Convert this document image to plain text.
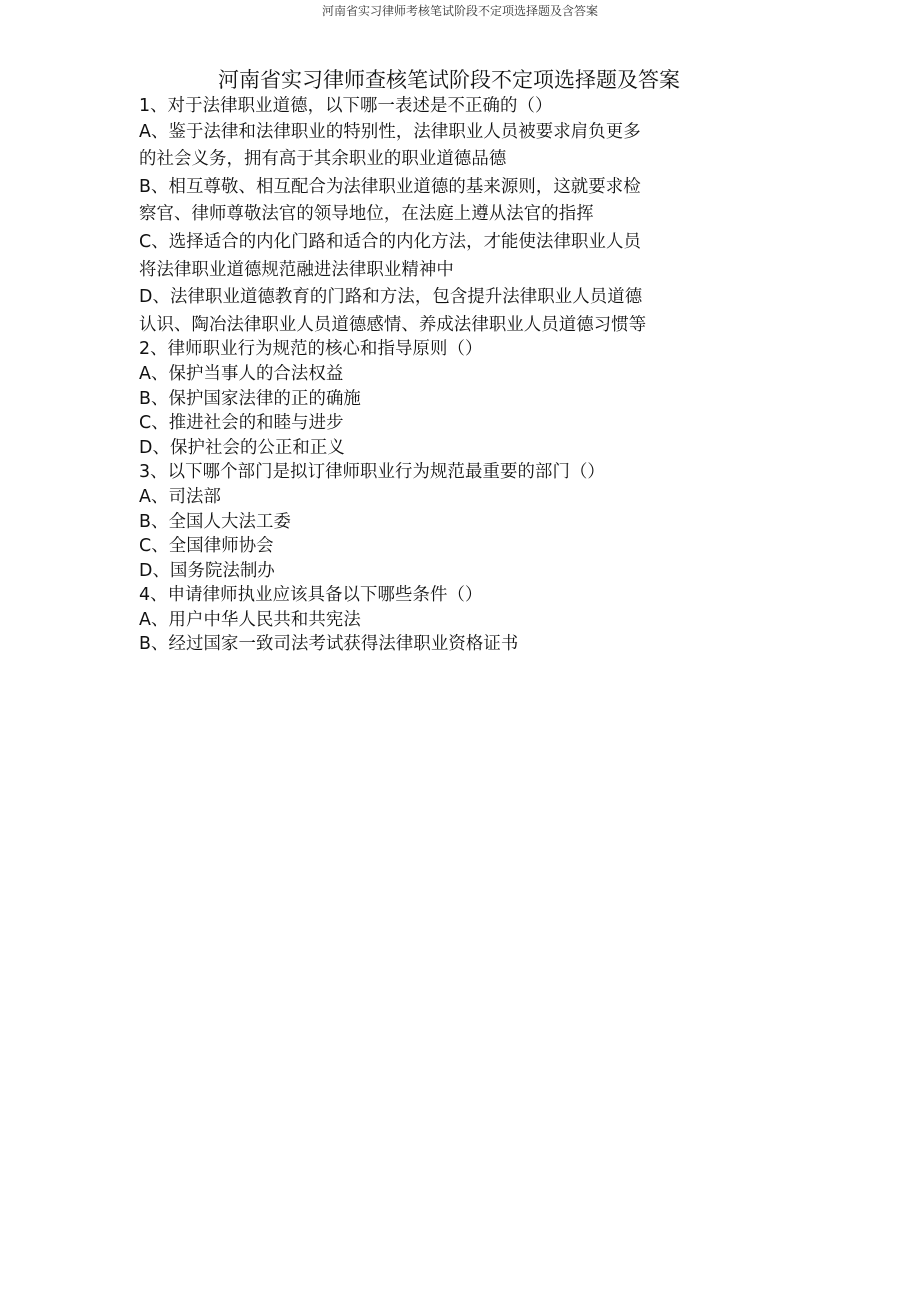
河南省实习律师考核笔试阶段不定项选择题及含答案
河南省实习律师查核笔试阶段不定项选择题及答案
1、对于法律职业道德，以下哪一表述是不正确的（）
A、鉴于法律和法律职业的特别性，法律职业人员被要求肩负更多
的社会义务，拥有高于其余职业的职业道德品德
B、相互尊敬、相互配合为法律职业道德的基来源则，这就要求检
察官、律师尊敬法官的领导地位，在法庭上遵从法官的指挥
C、选择适合的内化门路和适合的内化方法，才能使法律职业人员
将法律职业道德规范融进法律职业精神中
D、法律职业道德教育的门路和方法，包含提升法律职业人员道德
认识、陶冶法律职业人员道德感情、养成法律职业人员道德习惯等
2、律师职业行为规范的核心和指导原则（）
A、保护当事人的合法权益
B、保护国家法律的正的确施
C、推进社会的和睦与进步
D、保护社会的公正和正义
3、以下哪个部门是拟订律师职业行为规范最重要的部门（）
A、司法部
B、全国人大法工委
C、全国律师协会
D、国务院法制办
4、申请律师执业应该具备以下哪些条件（）
A、用户中华人民共和共宪法
B、经过国家一致司法考试获得法律职业资格证书
